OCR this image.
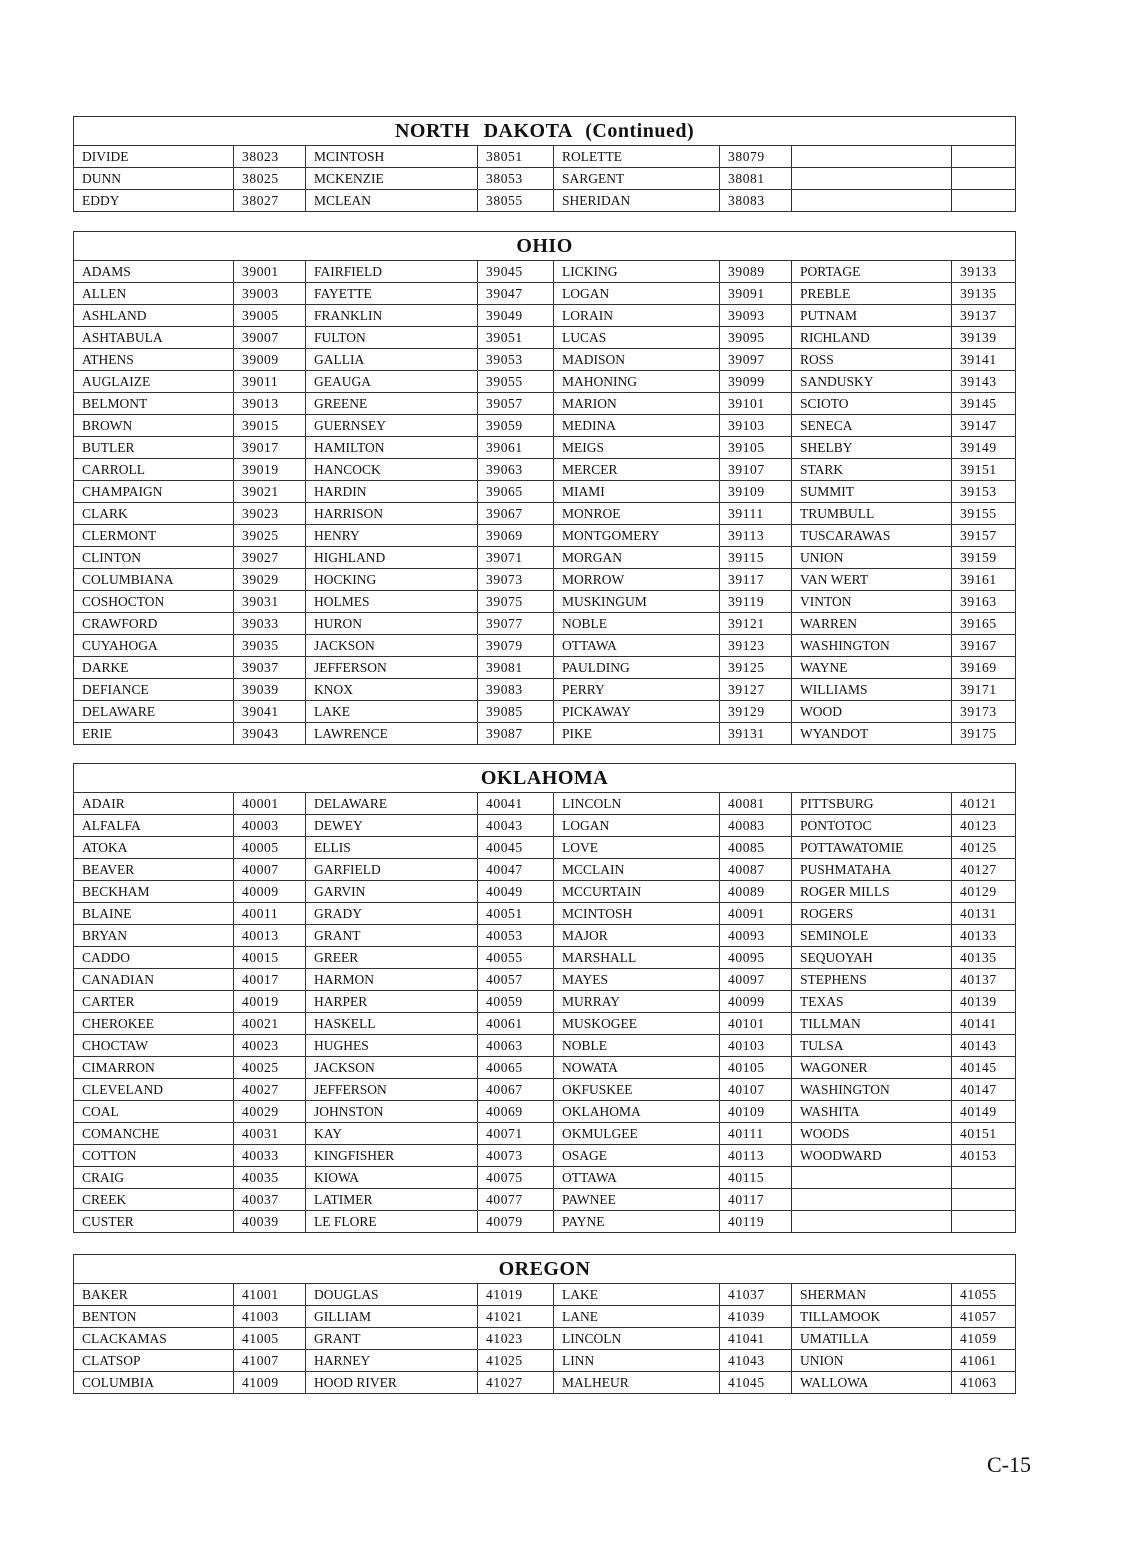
NORTH DAKOTA (Continued)							
DIVIDE	38023	MCINTOSH	38051	ROLETTE	38079		
DUNN	38025	MCKENZIE	38053	SARGENT	38081		
EDDY	38027	MCLEAN	38055	SHERIDAN	38083		
OHIO							
ADAMS	39001	FAIRFIELD	39045	LICKING	39089	PORTAGE	39133
ALLEN	39003	FAYETTE	39047	LOGAN	39091	PREBLE	39135
ASHLAND	39005	FRANKLIN	39049	LORAIN	39093	PUTNAM	39137
ASHTABULA	39007	FULTON	39051	LUCAS	39095	RICHLAND	39139
ATHENS	39009	GALLIA	39053	MADISON	39097	ROSS	39141
AUGLAIZE	39011	GEAUGA	39055	MAHONING	39099	SANDUSKY	39143
BELMONT	39013	GREENE	39057	MARION	39101	SCIOTO	39145
BROWN	39015	GUERNSEY	39059	MEDINA	39103	SENECA	39147
BUTLER	39017	HAMILTON	39061	MEIGS	39105	SHELBY	39149
CARROLL	39019	HANCOCK	39063	MERCER	39107	STARK	39151
CHAMPAIGN	39021	HARDIN	39065	MIAMI	39109	SUMMIT	39153
CLARK	39023	HARRISON	39067	MONROE	39111	TRUMBULL	39155
CLERMONT	39025	HENRY	39069	MONTGOMERY	39113	TUSCARAWAS	39157
CLINTON	39027	HIGHLAND	39071	MORGAN	39115	UNION	39159
COLUMBIANA	39029	HOCKING	39073	MORROW	39117	VAN WERT	39161
COSHOCTON	39031	HOLMES	39075	MUSKINGUM	39119	VINTON	39163
CRAWFORD	39033	HURON	39077	NOBLE	39121	WARREN	39165
CUYAHOGA	39035	JACKSON	39079	OTTAWA	39123	WASHINGTON	39167
DARKE	39037	JEFFERSON	39081	PAULDING	39125	WAYNE	39169
DEFIANCE	39039	KNOX	39083	PERRY	39127	WILLIAMS	39171
DELAWARE	39041	LAKE	39085	PICKAWAY	39129	WOOD	39173
ERIE	39043	LAWRENCE	39087	PIKE	39131	WYANDOT	39175
OKLAHOMA							
ADAIR	40001	DELAWARE	40041	LINCOLN	40081	PITTSBURG	40121
ALFALFA	40003	DEWEY	40043	LOGAN	40083	PONTOTOC	40123
ATOKA	40005	ELLIS	40045	LOVE	40085	POTTAWATOMIE	40125
BEAVER	40007	GARFIELD	40047	MCCLAIN	40087	PUSHMATAHA	40127
BECKHAM	40009	GARVIN	40049	MCCURTAIN	40089	ROGER MILLS	40129
BLAINE	40011	GRADY	40051	MCINTOSH	40091	ROGERS	40131
BRYAN	40013	GRANT	40053	MAJOR	40093	SEMINOLE	40133
CADDO	40015	GREER	40055	MARSHALL	40095	SEQUOYAH	40135
CANADIAN	40017	HARMON	40057	MAYES	40097	STEPHENS	40137
CARTER	40019	HARPER	40059	MURRAY	40099	TEXAS	40139
CHEROKEE	40021	HASKELL	40061	MUSKOGEE	40101	TILLMAN	40141
CHOCTAW	40023	HUGHES	40063	NOBLE	40103	TULSA	40143
CIMARRON	40025	JACKSON	40065	NOWATA	40105	WAGONER	40145
CLEVELAND	40027	JEFFERSON	40067	OKFUSKEE	40107	WASHINGTON	40147
COAL	40029	JOHNSTON	40069	OKLAHOMA	40109	WASHITA	40149
COMANCHE	40031	KAY	40071	OKMULGEE	40111	WOODS	40151
COTTON	40033	KINGFISHER	40073	OSAGE	40113	WOODWARD	40153
CRAIG	40035	KIOWA	40075	OTTAWA	40115		
CREEK	40037	LATIMER	40077	PAWNEE	40117		
CUSTER	40039	LE FLORE	40079	PAYNE	40119		
OREGON							
BAKER	41001	DOUGLAS	41019	LAKE	41037	SHERMAN	41055
BENTON	41003	GILLIAM	41021	LANE	41039	TILLAMOOK	41057
CLACKAMAS	41005	GRANT	41023	LINCOLN	41041	UMATILLA	41059
CLATSOP	41007	HARNEY	41025	LINN	41043	UNION	41061
COLUMBIA	41009	HOOD RIVER	41027	MALHEUR	41045	WALLOWA	41063
C-15
